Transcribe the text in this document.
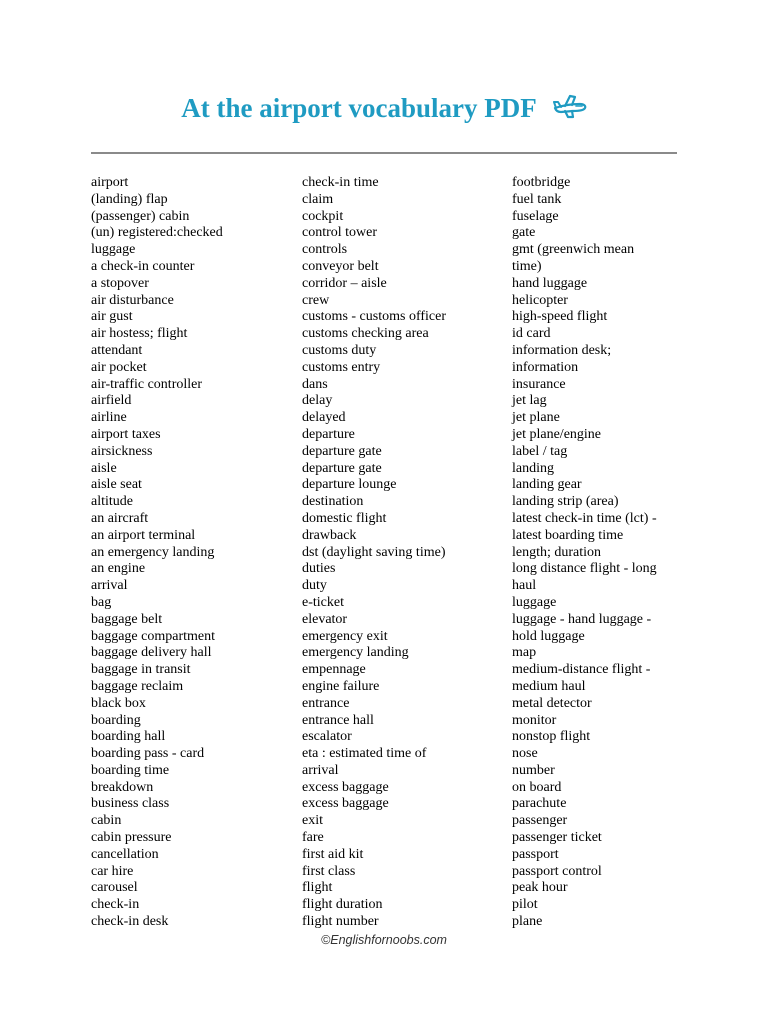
At the airport vocabulary PDF
airport
(landing) flap
(passenger) cabin
(un) registered:checked
luggage
a check-in counter
a stopover
air disturbance
air gust
air hostess; flight
attendant
air pocket
air-traffic controller
airfield
airline
airport taxes
airsickness
aisle
aisle seat
altitude
an aircraft
an airport terminal
an emergency landing
an engine
arrival
bag
baggage belt
baggage compartment
baggage delivery hall
baggage in transit
baggage reclaim
black box
boarding
boarding hall
boarding pass - card
boarding time
breakdown
business class
cabin
cabin pressure
cancellation
car hire
carousel
check-in
check-in desk
check-in time
claim
cockpit
control tower
controls
conveyor belt
corridor – aisle
crew
customs - customs officer
customs checking area
customs duty
customs entry
dans
delay
delayed
departure
departure gate
departure gate
departure lounge
destination
domestic flight
drawback
dst (daylight saving time)
duties
duty
e-ticket
elevator
emergency exit
emergency landing
empennage
engine failure
entrance
entrance hall
escalator
eta : estimated time of
arrival
excess baggage
excess baggage
exit
fare
first aid kit
first class
flight
flight duration
flight number
footbridge
fuel tank
fuselage
gate
gmt (greenwich mean
time)
hand luggage
helicopter
high-speed flight
id card
information desk;
information
insurance
jet lag
jet plane
jet plane/engine
label / tag
landing
landing gear
landing strip (area)
latest check-in time (lct) -
latest boarding time
length; duration
long distance flight - long
haul
luggage
luggage - hand luggage -
hold luggage
map
medium-distance flight -
medium haul
metal detector
monitor
nonstop flight
nose
number
on board
parachute
passenger
passenger ticket
passport
passport control
peak hour
pilot
plane
©Englishfornoobs.com
